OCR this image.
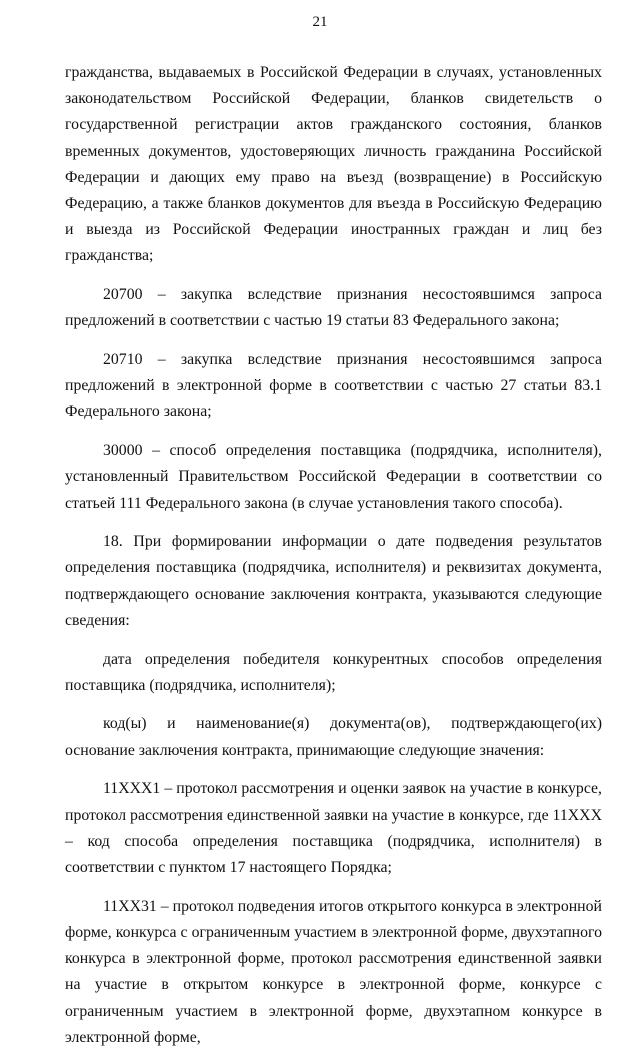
21

гражданства, выдаваемых в Российской Федерации в случаях, установленных законодательством Российской Федерации, бланков свидетельств о государственной регистрации актов гражданского состояния, бланков временных документов, удостоверяющих личность гражданина Российской Федерации и дающих ему право на въезд (возвращение) в Российскую Федерацию, а также бланков документов для въезда в Российскую Федерацию и выезда из Российской Федерации иностранных граждан и лиц без гражданства;

20700 – закупка вследствие признания несостоявшимся запроса предложений в соответствии с частью 19 статьи 83 Федерального закона;

20710 – закупка вследствие признания несостоявшимся запроса предложений в электронной форме в соответствии с частью 27 статьи 83.1 Федерального закона;

30000 – способ определения поставщика (подрядчика, исполнителя), установленный Правительством Российской Федерации в соответствии со статьей 111 Федерального закона (в случае установления такого способа).

18. При формировании информации о дате подведения результатов определения поставщика (подрядчика, исполнителя) и реквизитах документа, подтверждающего основание заключения контракта, указываются следующие сведения:

дата определения победителя конкурентных способов определения поставщика (подрядчика, исполнителя);

код(ы) и наименование(я) документа(ов), подтверждающего(их) основание заключения контракта, принимающие следующие значения:

11XXX1 – протокол рассмотрения и оценки заявок на участие в конкурсе, протокол рассмотрения единственной заявки на участие в конкурсе, где 11XXX – код способа определения поставщика (подрядчика, исполнителя) в соответствии с пунктом 17 настоящего Порядка;

11XX31 – протокол подведения итогов открытого конкурса в электронной форме, конкурса с ограниченным участием в электронной форме, двухэтапного конкурса в электронной форме, протокол рассмотрения единственной заявки на участие в открытом конкурсе в электронной форме, конкурсе с ограниченным участием в электронной форме, двухэтапном конкурсе в электронной форме,
